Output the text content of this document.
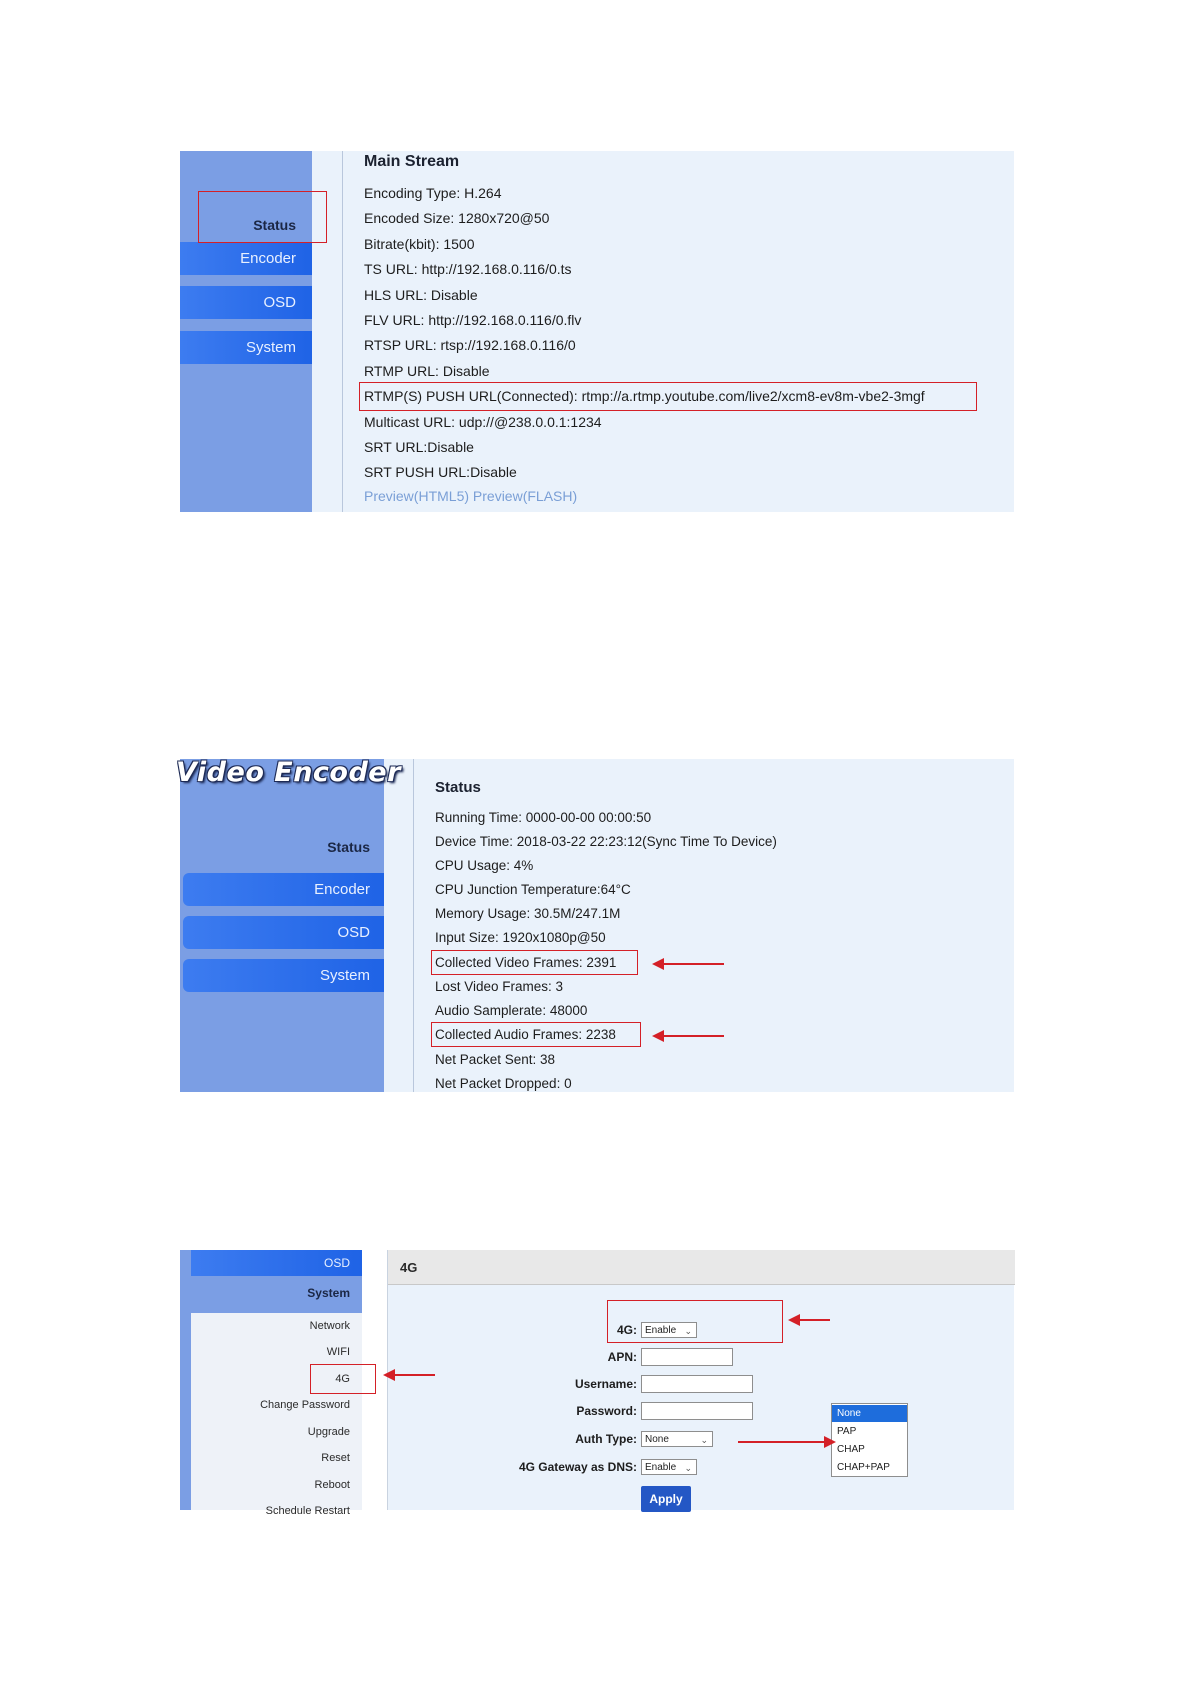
Status
Encoder
OSD
System
Main Stream
Encoding Type: H.264
Encoded Size: 1280x720@50
Bitrate(kbit): 1500
TS URL: http://192.168.0.116/0.ts
HLS URL: Disable
FLV URL: http://192.168.0.116/0.flv
RTSP URL: rtsp://192.168.0.116/0
RTMP URL: Disable
RTMP(S) PUSH URL(Connected): rtmp://a.rtmp.youtube.com/live2/xcm8-ev8m-vbe2-3mgf
Multicast URL: udp://@238.0.0.1:1234
SRT URL:Disable
SRT PUSH URL:Disable
Preview(HTML5) Preview(FLASH)
Video Encoder
Status
Encoder
OSD
System
Status
Running Time: 0000-00-00 00:00:50
Device Time: 2018-03-22 22:23:12(Sync Time To Device)
CPU Usage: 4%
CPU Junction Temperature:64°C
Memory Usage: 30.5M/247.1M
Input Size: 1920x1080p@50
Collected Video Frames: 2391
Lost Video Frames: 3
Audio Samplerate: 48000
Collected Audio Frames: 2238
Net Packet Sent: 38
Net Packet Dropped: 0
OSD
System
Network
WIFI
4G
Change Password
Upgrade
Reset
Reboot
Schedule Restart
4G
4G: Enable ⌄
APN:
Username:
Password:
Auth Type: None	⌄
4G Gateway as DNS: Enable ⌄
Apply
None
PAP
CHAP
CHAP+PAP
